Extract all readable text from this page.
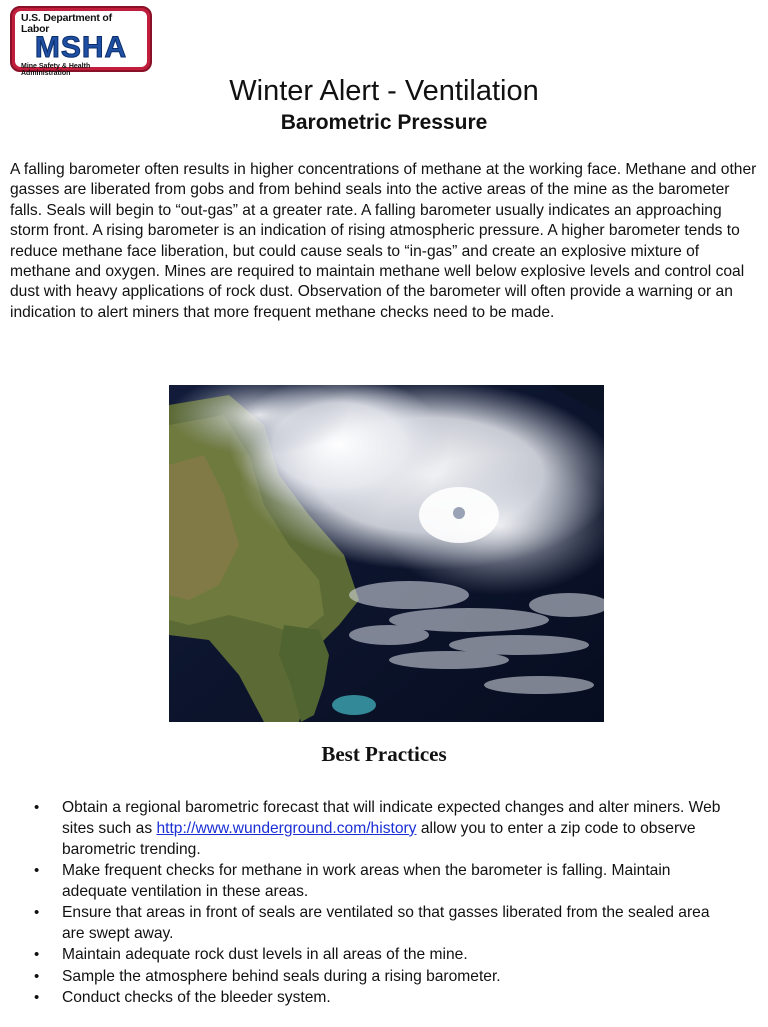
U.S. Department of Labor
MSHA
Mine Safety & Health Administration
Winter Alert - Ventilation
Barometric Pressure

A falling barometer often results in higher concentrations of methane at the working face. Methane and other gasses are liberated from gobs and from behind seals into the active areas of the mine as the barometer falls. Seals will begin to “out-gas” at a greater rate. A falling barometer usually indicates an approaching storm front. A rising barometer is an indication of rising atmospheric pressure. A higher barometer tends to reduce methane face liberation, but could cause seals to “in-gas” and create an explosive mixture of methane and oxygen. Mines are required to maintain methane well below explosive levels and control coal dust with heavy applications of rock dust. Observation of the barometer will often provide a warning or an indication to alert miners that more frequent methane checks need to be made.

Best Practices
• Obtain a regional barometric forecast that will indicate expected changes and alter miners. Web sites such as http://www.wunderground.com/history allow you to enter a zip code to observe barometric trending.
• Make frequent checks for methane in work areas when the barometer is falling. Maintain adequate ventilation in these areas.
• Ensure that areas in front of seals are ventilated so that gasses liberated from the sealed area are swept away.
• Maintain adequate rock dust levels in all areas of the mine.
• Sample the atmosphere behind seals during a rising barometer.
• Conduct checks of the bleeder system.
